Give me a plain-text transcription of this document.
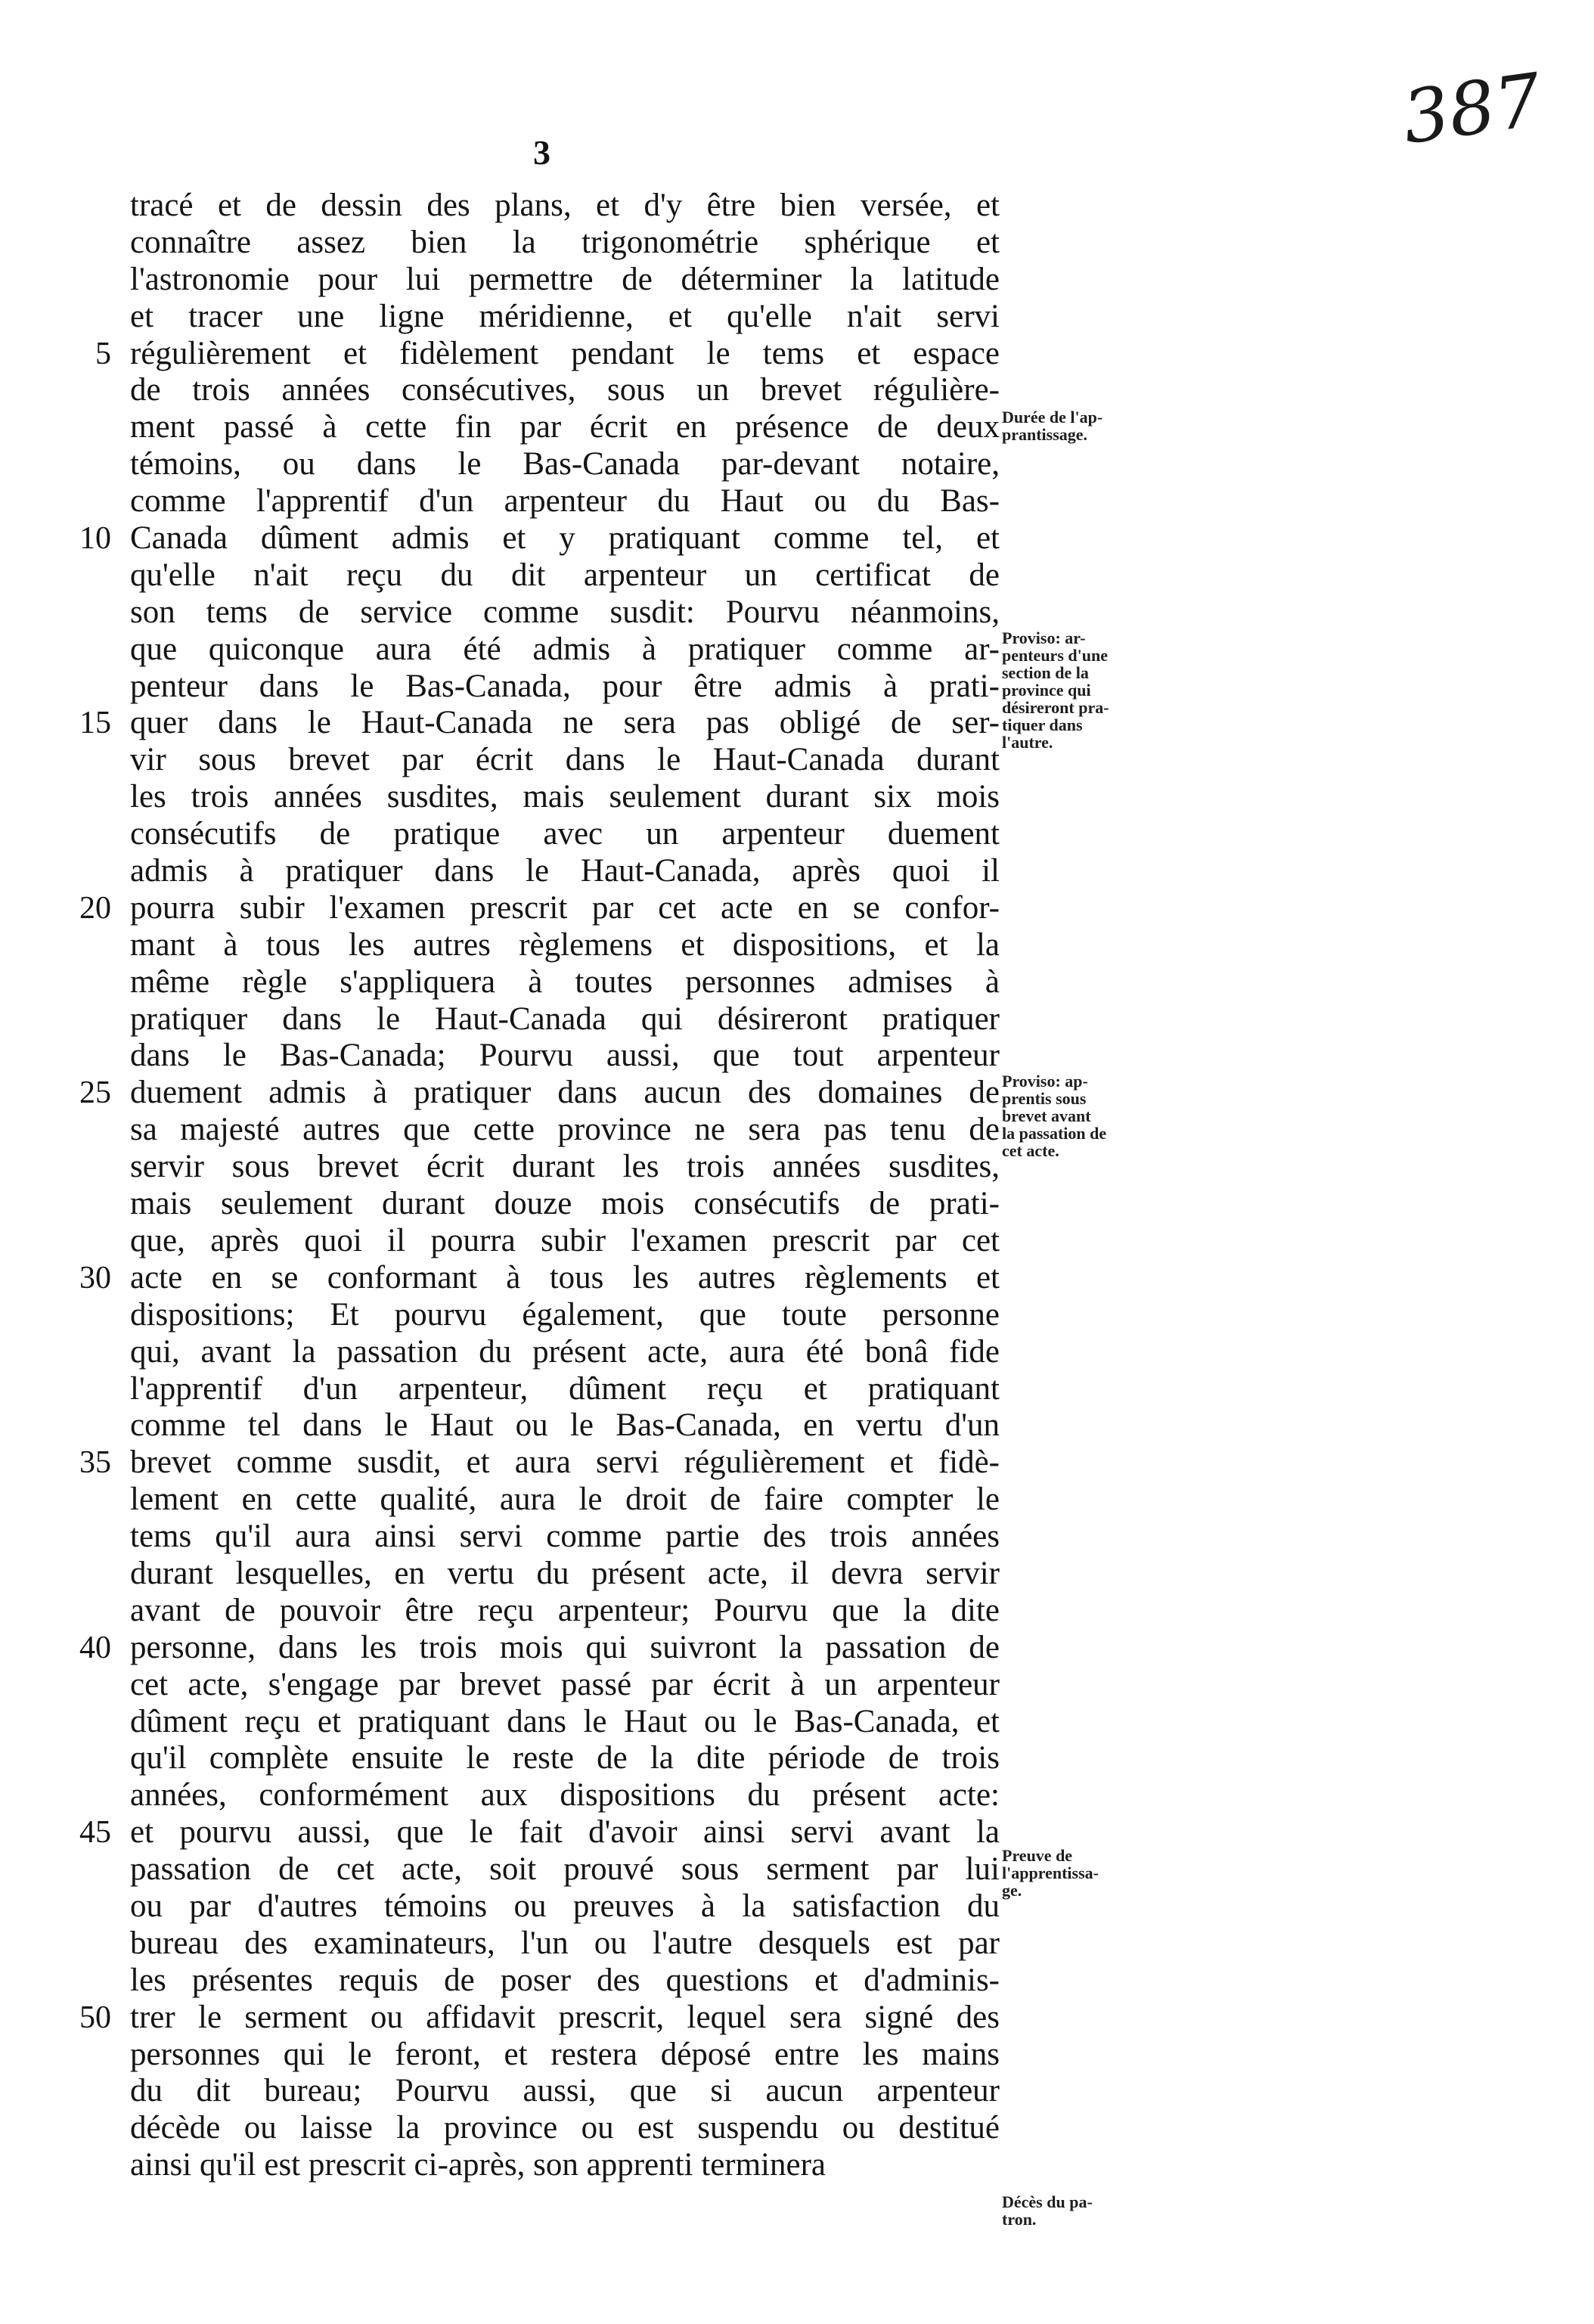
3	387
tracé et de dessin des plans, et d'y être bien versée, et
connaître assez bien la trigonométrie sphérique et
l'astronomie pour lui permettre de déterminer la latitude
et tracer une ligne méridienne, et qu'elle n'ait servi
5 régulièrement et fidèlement pendant le tems et espace
de trois années consécutives, sous un brevet régulière-
ment passé à cette fin par écrit en présence de deux
témoins, ou dans le Bas-Canada par-devant notaire,
comme l'apprentif d'un arpenteur du Haut ou du Bas-
10 Canada dûment admis et y pratiquant comme tel, et
qu'elle n'ait reçu du dit arpenteur un certificat de
son tems de service comme susdit: Pourvu néanmoins,
que quiconque aura été admis à pratiquer comme ar-
penteur dans le Bas-Canada, pour être admis à prati-
15 quer dans le Haut-Canada ne sera pas obligé de ser-
vir sous brevet par écrit dans le Haut-Canada durant
les trois années susdites, mais seulement durant six mois
consécutifs de pratique avec un arpenteur duement
admis à pratiquer dans le Haut-Canada, après quoi il
20 pourra subir l'examen prescrit par cet acte en se confor-
mant à tous les autres règlemens et dispositions, et la
même règle s'appliquera à toutes personnes admises à
pratiquer dans le Haut-Canada qui désireront pratiquer
dans le Bas-Canada; Pourvu aussi, que tout arpenteur
25 duement admis à pratiquer dans aucun des domaines de
sa majesté autres que cette province ne sera pas tenu de
servir sous brevet écrit durant les trois années susdites,
mais seulement durant douze mois consécutifs de prati-
que, après quoi il pourra subir l'examen prescrit par cet
30 acte en se conformant à tous les autres règlements et
dispositions; Et pourvu également, que toute personne
qui, avant la passation du présent acte, aura été bonâ fide
l'apprentif d'un arpenteur, dûment reçu et pratiquant
comme tel dans le Haut ou le Bas-Canada, en vertu d'un
35 brevet comme susdit, et aura servi régulièrement et fidè-
lement en cette qualité, aura le droit de faire compter le
tems qu'il aura ainsi servi comme partie des trois années
durant lesquelles, en vertu du présent acte, il devra servir
avant de pouvoir être reçu arpenteur; Pourvu que la dite
40 personne, dans les trois mois qui suivront la passation de
cet acte, s'engage par brevet passé par écrit à un arpenteur
dûment reçu et pratiquant dans le Haut ou le Bas-Canada, et
qu'il complète ensuite le reste de la dite période de trois
années, conformément aux dispositions du présent acte:
45 et pourvu aussi, que le fait d'avoir ainsi servi avant la
passation de cet acte, soit prouvé sous serment par lui
ou par d'autres témoins ou preuves à la satisfaction du
bureau des examinateurs, l'un ou l'autre desquels est par
les présentes requis de poser des questions et d'adminis-
50 trer le serment ou affidavit prescrit, lequel sera signé des
personnes qui le feront, et restera déposé entre les mains
du dit bureau; Pourvu aussi, que si aucun arpenteur
décède ou laisse la province ou est suspendu ou destitué
ainsi qu'il est prescrit ci-après, son apprenti terminera
Durée de l'ap-
prantissage.
Proviso: ar-
penteurs d'une
section de la
province qui
désireront pra-
tiquer dans
l'autre.
Proviso: ap-
prentis sous
brevet avant
la passation de
cet acte.
Preuve de
l'apprentissa-
ge.
Décès du pa-
tron.
